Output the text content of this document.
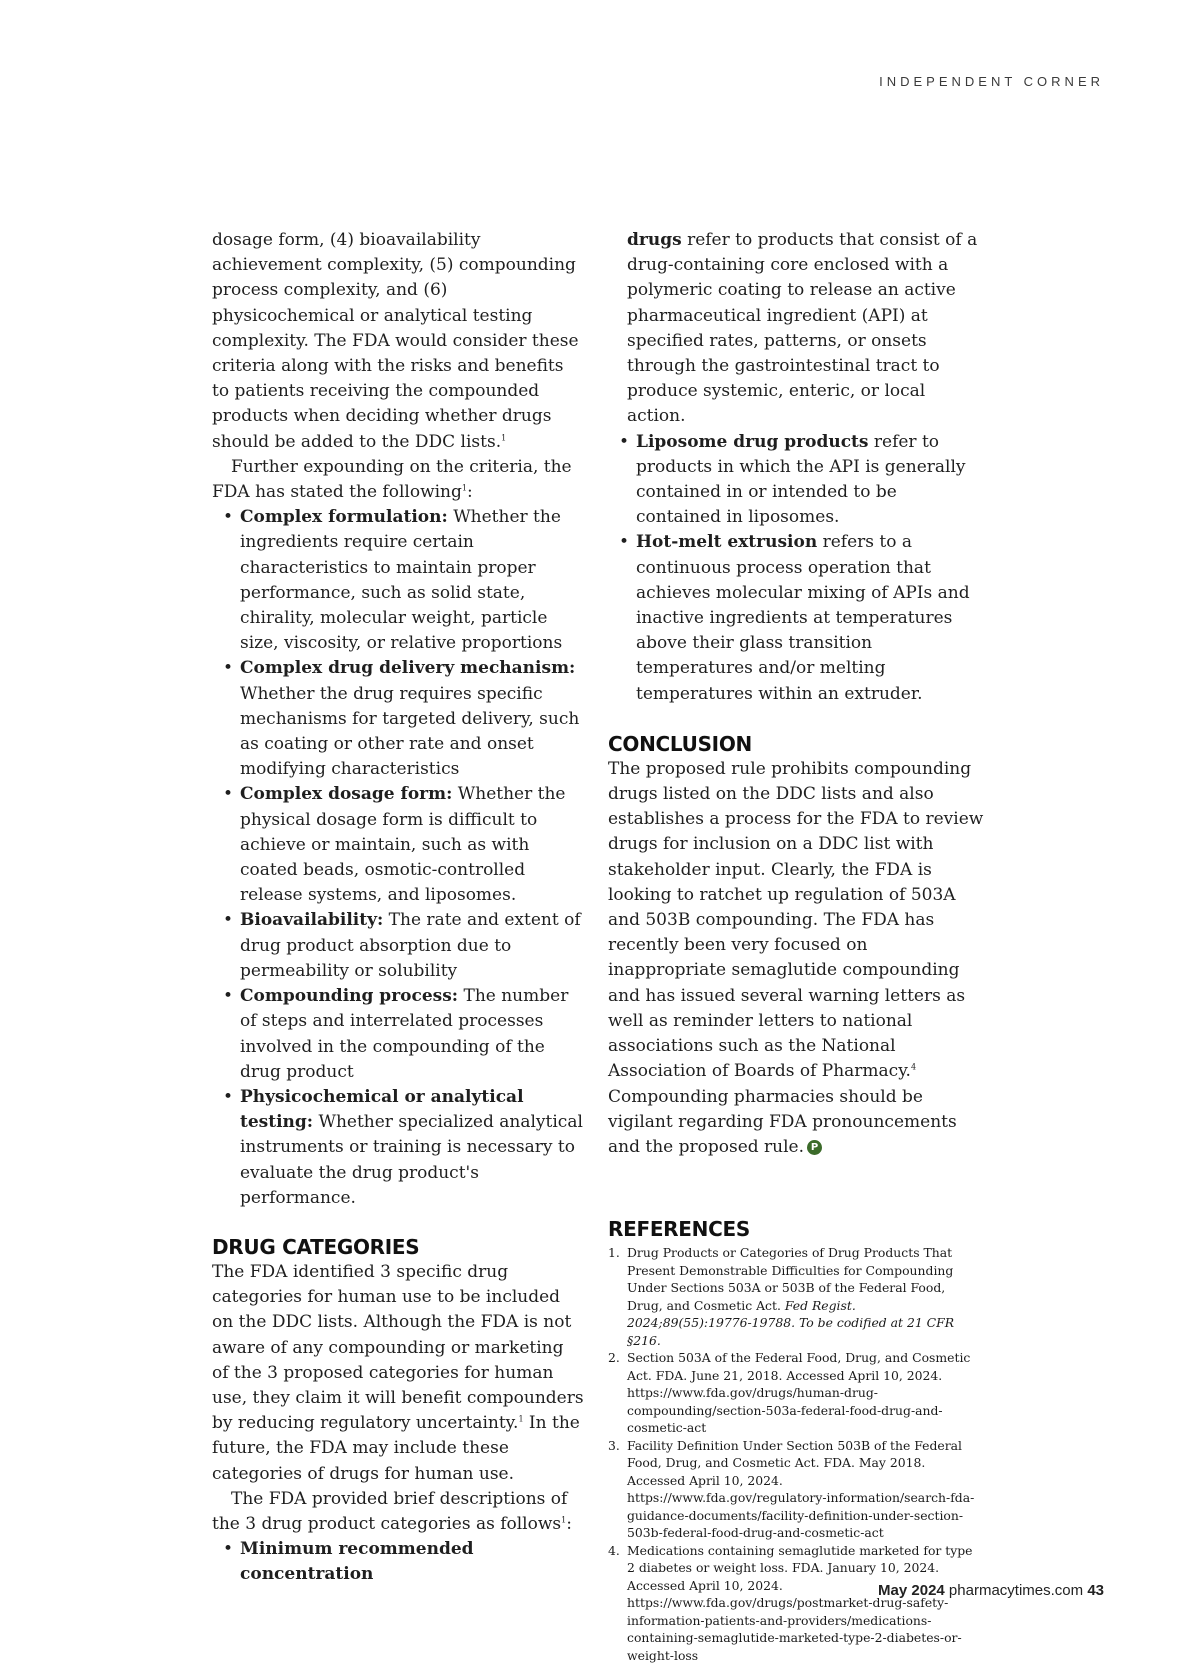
INDEPENDENT CORNER

dosage form, (4) bioavailability achievement complexity, (5) compounding process complexity, and (6) physicochemical or analytical testing complexity. The FDA would consider these criteria along with the risks and benefits to patients receiving the compounded products when deciding whether drugs should be added to the DDC lists.$^1$

Further expounding on the criteria, the FDA has stated the following$^1$:

• Complex formulation: Whether the ingredients require certain characteristics to maintain proper performance, such as solid state, chirality, molecular weight, particle size, viscosity, or relative proportions
• Complex drug delivery mechanism: Whether the drug requires specific mechanisms for targeted delivery, such as coating or other rate and onset modifying characteristics
• Complex dosage form: Whether the physical dosage form is difficult to achieve or maintain, such as with coated beads, osmotic-controlled release systems, and liposomes.
• Bioavailability: The rate and extent of drug product absorption due to permeability or solubility
• Compounding process: The number of steps and interrelated processes involved in the compounding of the drug product
• Physicochemical or analytical testing: Whether specialized analytical instruments or training is necessary to evaluate the drug product's performance.
DRUG CATEGORIES

The FDA identified 3 specific drug categories for human use to be included on the DDC lists. Although the FDA is not aware of any compounding or marketing of the 3 proposed categories for human use, they claim it will benefit compounders by reducing regulatory uncertainty.$^1$ In the future, the FDA may include these categories of drugs for human use.

The FDA provided brief descriptions of the 3 drug product categories as follows$^1$:

• Minimum recommended concentration
drugs refer to products that consist of a drug-containing core enclosed with a polymeric coating to release an active pharmaceutical ingredient (API) at specified rates, patterns, or onsets through the gastrointestinal tract to produce systemic, enteric, or local action.
• Liposome drug products refer to products in which the API is generally contained in or intended to be contained in liposomes.
• Hot-melt extrusion refers to a continuous process operation that achieves molecular mixing of APIs and inactive ingredients at temperatures above their glass transition temperatures and/or melting temperatures within an extruder.
CONCLUSION

The proposed rule prohibits compounding drugs listed on the DDC lists and also establishes a process for the FDA to review drugs for inclusion on a DDC list with stakeholder input. Clearly, the FDA is looking to ratchet up regulation of 503A and 503B compounding. The FDA has recently been very focused on inappropriate semaglutide compounding and has issued several warning letters as well as reminder letters to national associations such as the National Association of Boards of Pharmacy.$^4$ Compounding pharmacies should be vigilant regarding FDA pronouncements and the proposed rule. P

REFERENCES
1. Drug Products or Categories of Drug Products That Present Demonstrable Difficulties for Compounding Under Sections 503A or 503B of the Federal Food, Drug, and Cosmetic Act. Fed Regist. 2024;89(55):19776-19788. To be codified at 21 CFR §216.
2. Section 503A of the Federal Food, Drug, and Cosmetic Act. FDA. June 21, 2018. Accessed April 10, 2024. https://www.fda.gov/drugs/human-drug-compounding/section-503a-federal-food-drug-and-cosmetic-act
3. Facility Definition Under Section 503B of the Federal Food, Drug, and Cosmetic Act. FDA. May 2018. Accessed April 10, 2024. https://www.fda.gov/regulatory-information/search-fda-guidance-documents/facility-definition-under-section-503b-federal-food-drug-and-cosmetic-act
4. Medications containing semaglutide marketed for type 2 diabetes or weight loss. FDA. January 10, 2024. Accessed April 10, 2024. https://www.fda.gov/drugs/postmarket-drug-safety-information-patients-and-providers/medications-containing-semaglutide-marketed-type-2-diabetes-or-weight-loss
May 2024 pharmacytimes.com 43
